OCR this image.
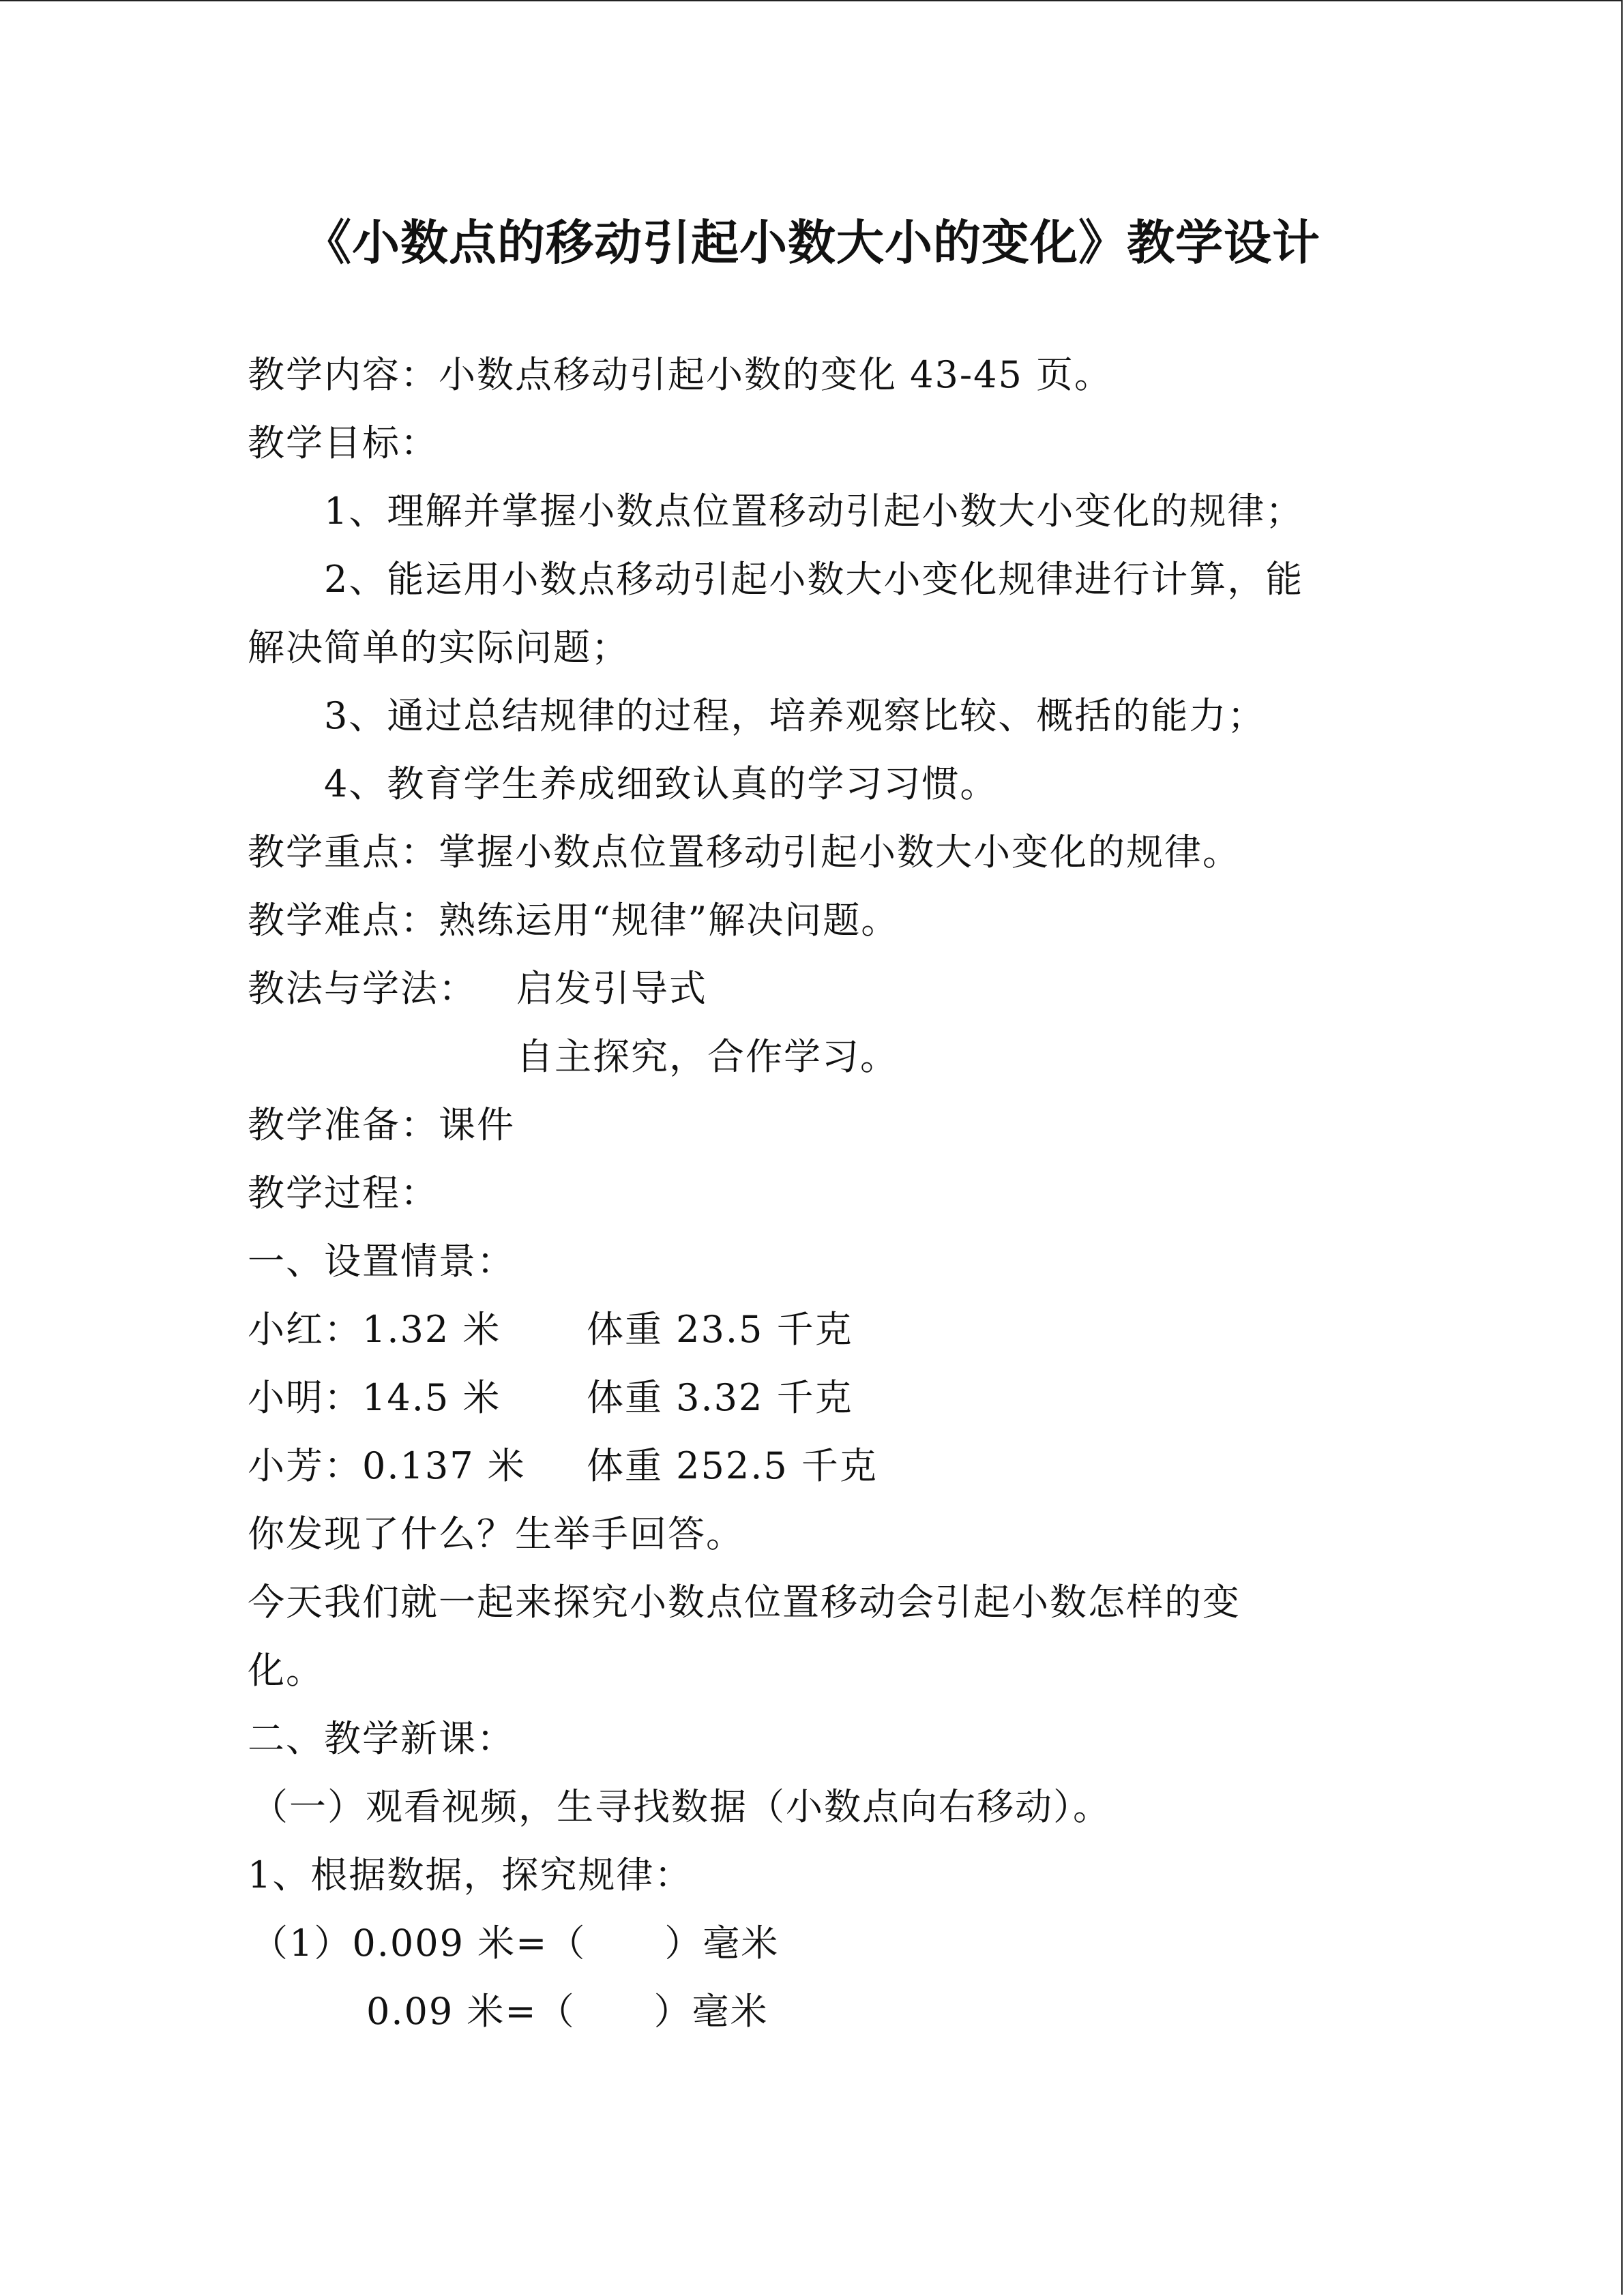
《小数点的移动引起小数大小的变化》教学设计
教学内容：小数点移动引起小数的变化 43-45 页。
教学目标：
1、理解并掌握小数点位置移动引起小数大小变化的规律；
2、能运用小数点移动引起小数大小变化规律进行计算，能
解决简单的实际问题；
3、通过总结规律的过程，培养观察比较、概括的能力；
4、教育学生养成细致认真的学习习惯。
教学重点：掌握小数点位置移动引起小数大小变化的规律。
教学难点：熟练运用“规律”解决问题。
教法与学法： 启发引导式
自主探究，合作学习。
教学准备：课件
教学过程：
一、设置情景：
小红：1.32 米 体重 23.5 千克
小明：14.5 米 体重 3.32 千克
小芳：0.137 米 体重 252.5 千克
你发现了什么？生举手回答。
今天我们就一起来探究小数点位置移动会引起小数怎样的变
化。
二、教学新课：
（一）观看视频，生寻找数据（小数点向右移动）。
1、根据数据，探究规律：
（1）0.009 米=（      ）毫米
0.09 米=（      ）毫米
